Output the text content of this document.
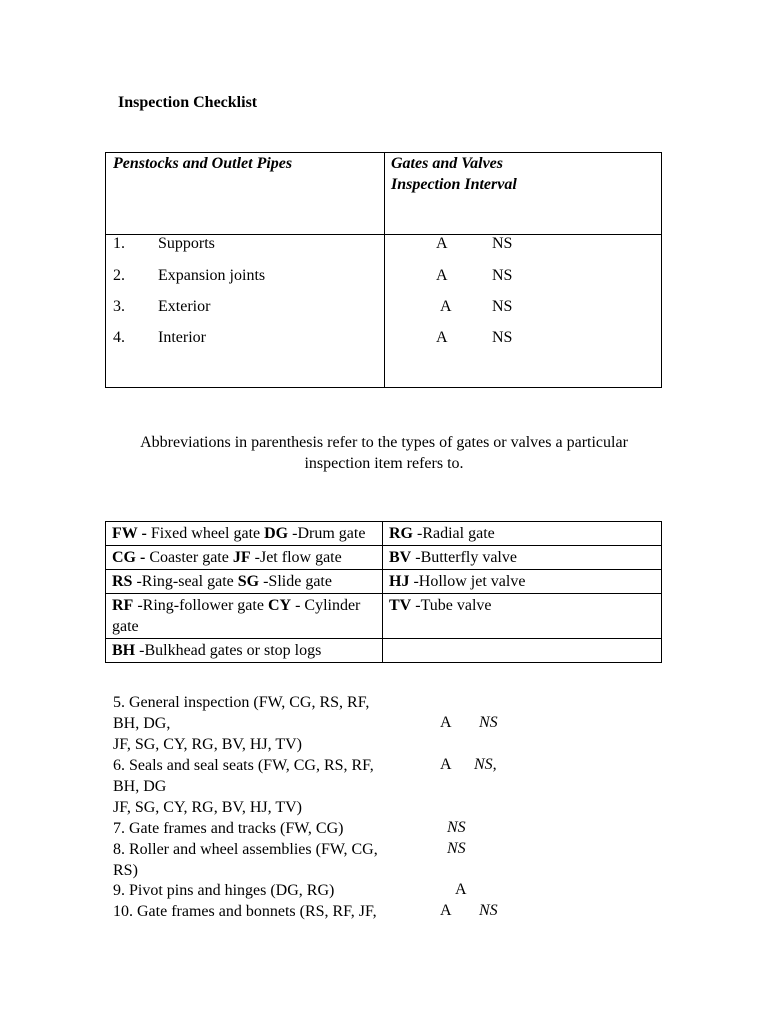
Inspection Checklist
Penstocks and Outlet Pipes	Gates and Valves
Inspection Interval
1. Supports	A	NS
2. Expansion joints	A	NS
3. Exterior	A	NS
4. Interior	A	NS
Abbreviations in parenthesis refer to the types of gates or valves a particular
inspection item refers to.
FW - Fixed wheel gate DG -Drum gate	RG -Radial gate
CG - Coaster gate JF -Jet flow gate	BV -Butterfly valve
RS -Ring-seal gate SG -Slide gate	HJ -Hollow jet valve
RF -Ring-follower gate CY - Cylinder gate	TV -Tube valve
BH -Bulkhead gates or stop logs	
5. General inspection (FW, CG, RS, RF,
BH, DG,
JF, SG, CY, RG, BV, HJ, TV)
A NS
6. Seals and seal seats (FW, CG, RS, RF,
BH, DG
JF, SG, CY, RG, BV, HJ, TV)
A NS,
7. Gate frames and tracks (FW, CG)	NS
8. Roller and wheel assemblies (FW, CG,
RS)
NS
9. Pivot pins and hinges (DG, RG)	A
10. Gate frames and bonnets (RS, RF, JF,	A NS
